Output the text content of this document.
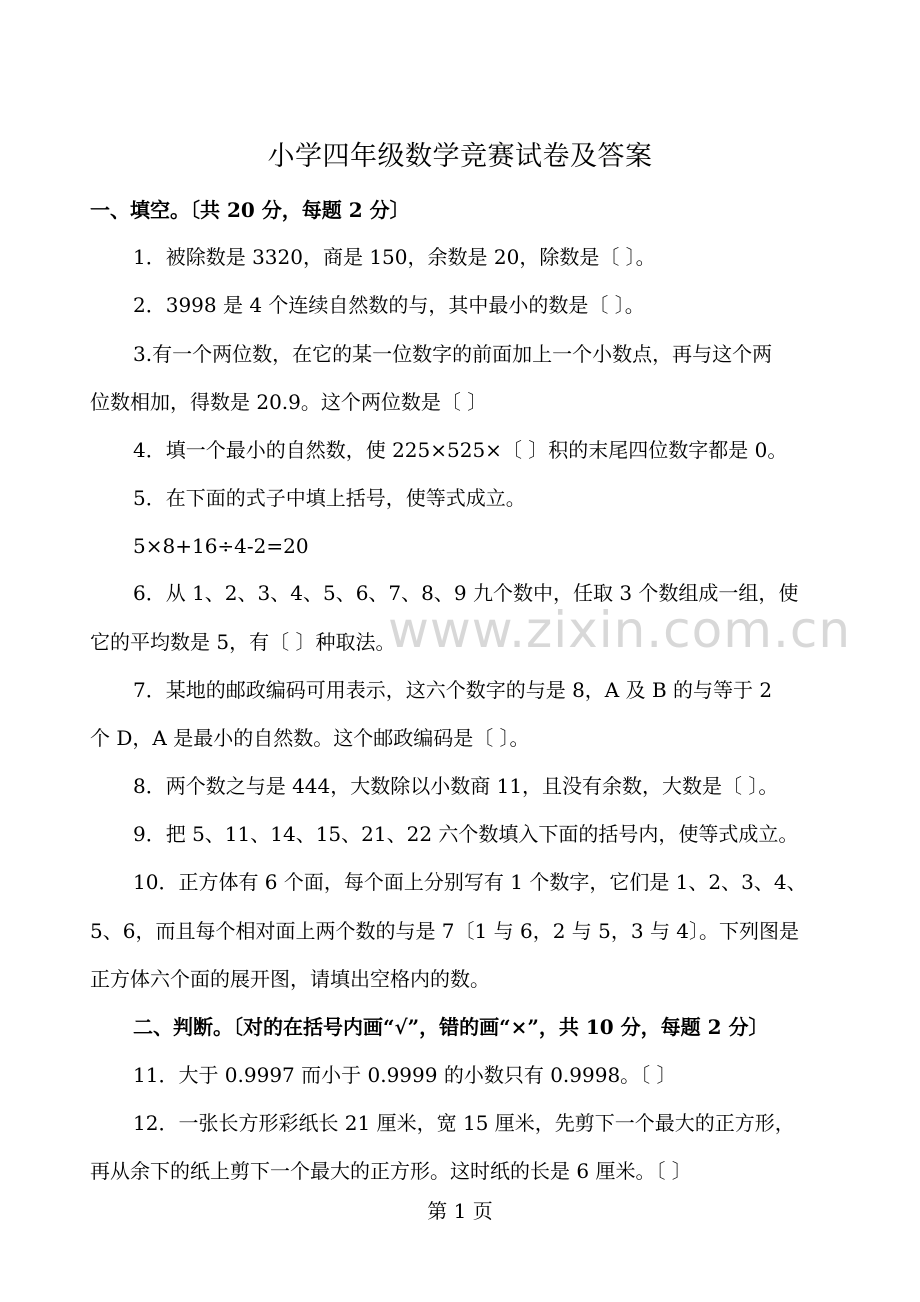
www.zixin.com.cn
小学四年级数学竞赛试卷及答案
一、填空。〔共 20 分，每题 2 分〕
1．被除数是 3320，商是 150，余数是 20，除数是〔 〕。
2．3998 是 4 个连续自然数的与，其中最小的数是〔 〕。
3.有一个两位数，在它的某一位数字的前面加上一个小数点，再与这个两
位数相加，得数是 20.9。这个两位数是〔 〕
4．填一个最小的自然数，使 225×525×〔 〕积的末尾四位数字都是 0。
5．在下面的式子中填上括号，使等式成立。
5×8+16÷4-2=20
6．从 1、2、3、4、5、6、7、8、9 九个数中，任取 3 个数组成一组，使
它的平均数是 5，有〔 〕种取法。
7．某地的邮政编码可用表示，这六个数字的与是 8，A 及 B 的与等于 2
个 D，A 是最小的自然数。这个邮政编码是〔 〕。
8．两个数之与是 444，大数除以小数商 11，且没有余数，大数是〔 〕。
9．把 5、11、14、15、21、22 六个数填入下面的括号内，使等式成立。
10．正方体有 6 个面，每个面上分别写有 1 个数字，它们是 1、2、3、4、
5、6，而且每个相对面上两个数的与是 7〔1 与 6，2 与 5，3 与 4〕。下列图是
正方体六个面的展开图，请填出空格内的数。
二、判断。〔对的在括号内画“√”，错的画“×”，共 10 分，每题 2 分〕
11．大于 0.9997 而小于 0.9999 的小数只有 0.9998。〔 〕
12．一张长方形彩纸长 21 厘米，宽 15 厘米，先剪下一个最大的正方形，
再从余下的纸上剪下一个最大的正方形。这时纸的长是 6 厘米。〔 〕
第 1 页
